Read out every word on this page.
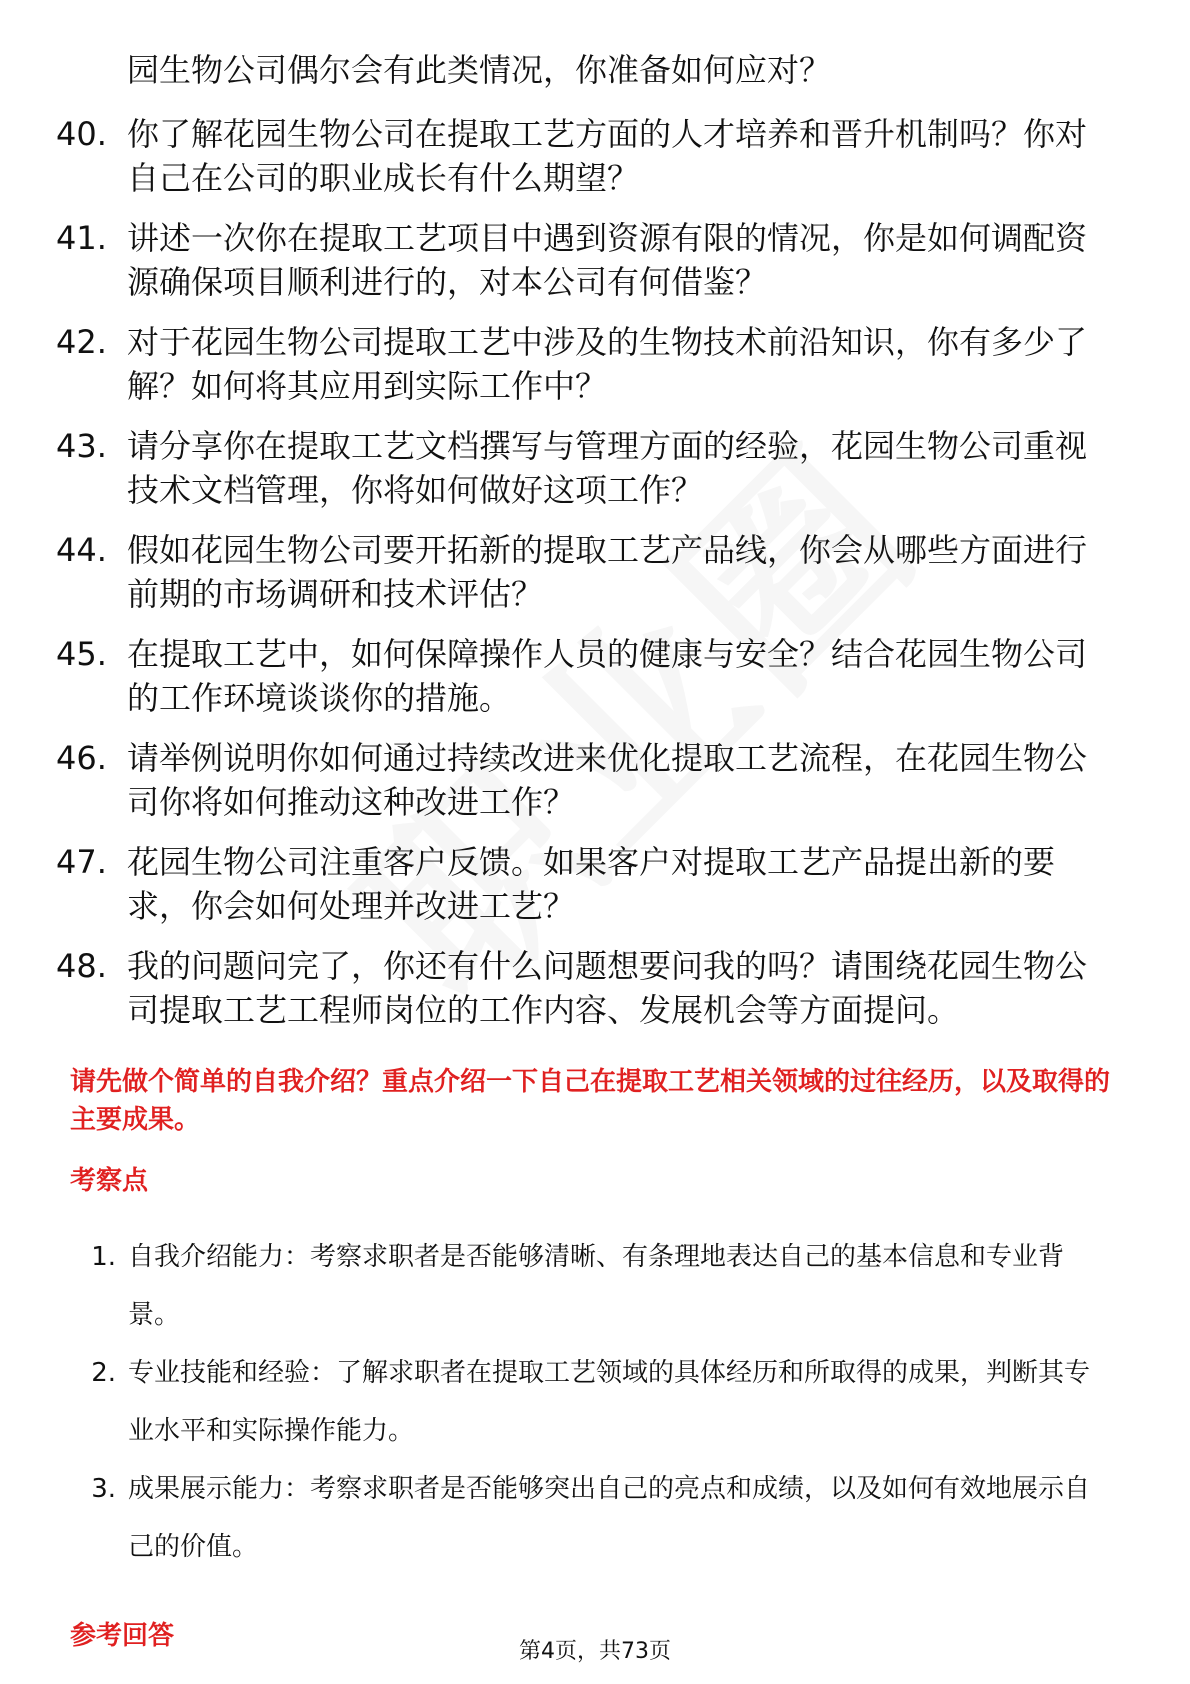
园生物公司偶尔会有此类情况，你准备如何应对？
40. 你了解花园生物公司在提取工艺方面的人才培养和晋升机制吗？你对自己在公司的职业成长有什么期望？
41. 讲述一次你在提取工艺项目中遇到资源有限的情况，你是如何调配资源确保项目顺利进行的，对本公司有何借鉴？
42. 对于花园生物公司提取工艺中涉及的生物技术前沿知识，你有多少了解？如何将其应用到实际工作中？
43. 请分享你在提取工艺文档撰写与管理方面的经验，花园生物公司重视技术文档管理，你将如何做好这项工作？
44. 假如花园生物公司要开拓新的提取工艺产品线，你会从哪些方面进行前期的市场调研和技术评估？
45. 在提取工艺中，如何保障操作人员的健康与安全？结合花园生物公司的工作环境谈谈你的措施。
46. 请举例说明你如何通过持续改进来优化提取工艺流程，在花园生物公司你将如何推动这种改进工作？
47. 花园生物公司注重客户反馈。如果客户对提取工艺产品提出新的要求，你会如何处理并改进工艺？
48. 我的问题问完了，你还有什么问题想要问我的吗？请围绕花园生物公司提取工艺工程师岗位的工作内容、发展机会等方面提问。
请先做个简单的自我介绍？重点介绍一下自己在提取工艺相关领域的过往经历，以及取得的主要成果。
考察点
1. 自我介绍能力：考察求职者是否能够清晰、有条理地表达自己的基本信息和专业背景。
2. 专业技能和经验：了解求职者在提取工艺领域的具体经历和所取得的成果，判断其专业水平和实际操作能力。
3. 成果展示能力：考察求职者是否能够突出自己的亮点和成绩，以及如何有效地展示自己的价值。
参考回答
第4页，共73页
